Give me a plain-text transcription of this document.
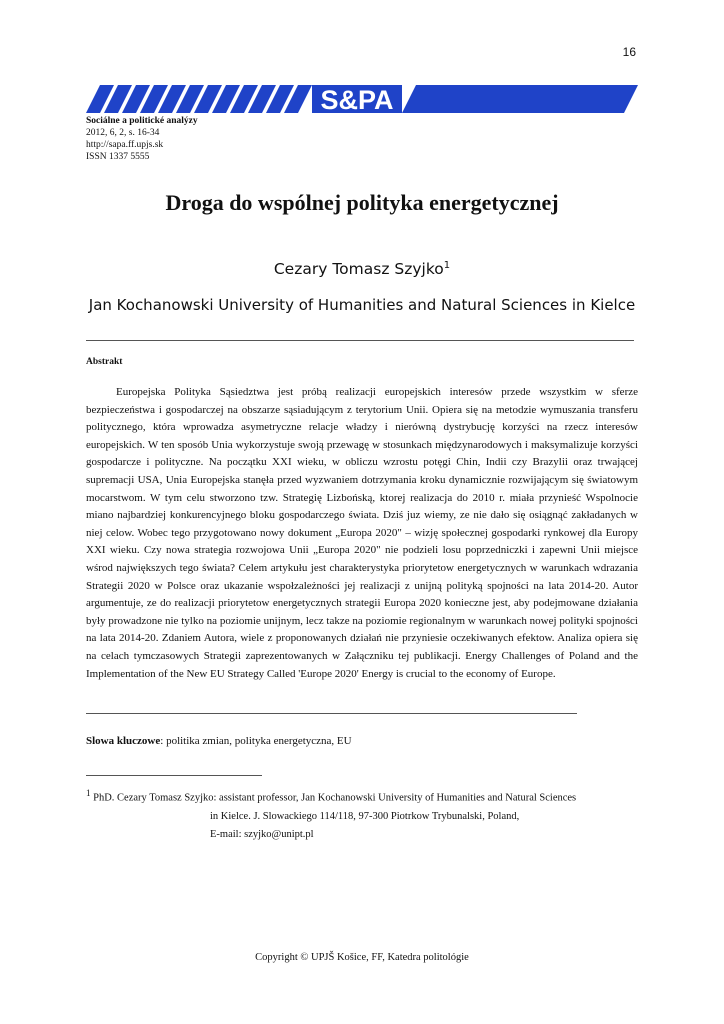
16
S&PA
Sociálne a politické analýzy
2012, 6, 2, s. 16-34
http://sapa.ff.upjs.sk
ISSN 1337 5555
Droga do wspólnej polityka energetycznej
Cezary Tomasz Szyjko$^1$
Jan Kochanowski University of Humanities and Natural Sciences in Kielce
Abstrakt

Europejska Polityka Sąsiedztwa jest próbą realizacji europejskich interesów przede wszystkim w sferze bezpieczeństwa i gospodarczej na obszarze sąsiadującym z terytorium Unii. Opiera się na metodzie wymuszania transferu politycznego, która wprowadza asymetryczne relacje władzy i nierówną dystrybucję korzyści na rzecz interesów europejskich. W ten sposób Unia wykorzystuje swoją przewagę w stosunkach międzynarodowych i maksymalizuje korzyści gospodarcze i polityczne. Na początku XXI wieku, w obliczu wzrostu potęgi Chin, Indii czy Brazylii oraz trwającej supremacji USA, Unia Europejska stanęła przed wyzwaniem dotrzymania kroku dynamicznie rozwijającym się światowym mocarstwom. W tym celu stworzono tzw. Strategię Lizbońską, ktorej realizacja do 2010 r. miała przynieść Wspolnocie miano najbardziej konkurencyjnego bloku gospodarczego świata. Dziś juz wiemy, ze nie dało się osiągnąć zakładanych w niej celow. Wobec tego przygotowano nowy dokument „Europa 2020" – wizję społecznej gospodarki rynkowej dla Europy XXI wieku. Czy nowa strategia rozwojowa Unii „Europa 2020" nie podzieli losu poprzedniczki i zapewni Unii miejsce wśrod największych tego świata? Celem artykułu jest charakterystyka priorytetow energetycznych w warunkach wdrazania Strategii 2020 w Polsce oraz ukazanie wspołzależności jej realizacji z unijną polityką spojności na lata 2014-20. Autor argumentuje, ze do realizacji priorytetow energetycznych strategii Europa 2020 konieczne jest, aby podejmowane działania były prowadzone nie tylko na poziomie unijnym, lecz takze na poziomie regionalnym w warunkach nowej polityki spojności na lata 2014-20. Zdaniem Autora, wiele z proponowanych działań nie przyniesie oczekiwanych efektow. Analiza opiera się na celach tymczasowych Strategii zaprezentowanych w Załączniku tej publikacji. Energy Challenges of Poland and the Implementation of the New EU Strategy Called 'Europe 2020' Energy is crucial to the economy of Europe.

Slowa kluczowe: politika zmian, polityka energetyczna, EU
$^1$ PhD. Cezary Tomasz Szyjko: assistant professor, Jan Kochanowski University of Humanities and Natural Sciences
in Kielce. J. Slowackiego 114/118, 97-300 Piotrkow Trybunalski, Poland,
E-mail: szyjko@unipt.pl
Copyright © UPJŠ Košice, FF, Katedra politológie
